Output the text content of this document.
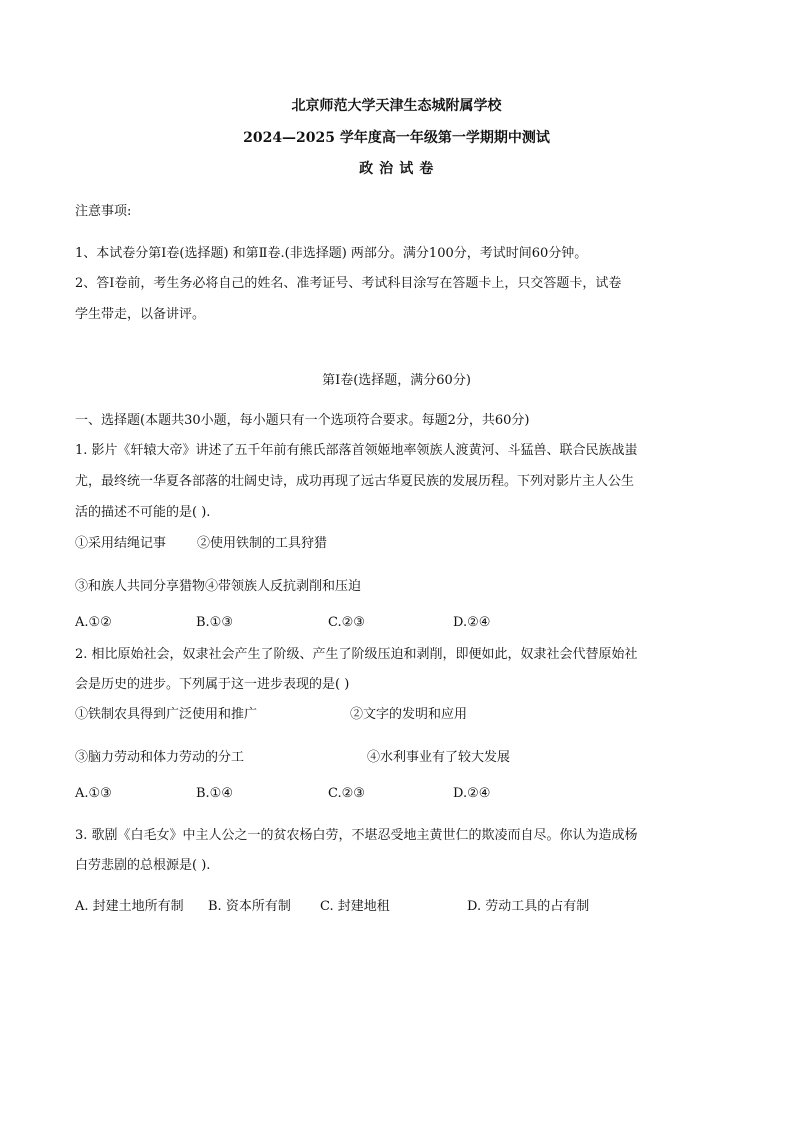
北京师范大学天津生态城附属学校
2024—2025 学年度高一年级第一学期期中测试
政 治 试 卷
注意事项:
1、本试卷分第Ⅰ卷(选择题) 和第Ⅱ卷.(非选择题) 两部分。满分100分，考试时间60分钟。
2、答Ⅰ卷前，考生务必将自己的姓名、准考证号、考试科目涂写在答题卡上，只交答题卡，试卷
学生带走，以备讲评。
第Ⅰ卷(选择题，满分60分)
一、选择题(本题共30小题，每小题只有一个选项符合要求。每题2分，共60分)
1. 影片《轩辕大帝》讲述了五千年前有熊氏部落首领姬地率领族人渡黄河、斗猛兽、联合民族战蚩
尤，最终统一华夏各部落的壮阔史诗，成功再现了远古华夏民族的发展历程。下列对影片主人公生
活的描述不可能的是( ).
①采用结绳记事 ②使用铁制的工具狩猎
③和族人共同分享猎物④带领族人反抗剥削和压迫
A.①②	B.①③	C.②③	D.②④
2. 相比原始社会，奴隶社会产生了阶级、产生了阶级压迫和剥削，即便如此，奴隶社会代替原始社
会是历史的进步。下列属于这一进步表现的是( )
①铁制农具得到广泛使用和推广	②文字的发明和应用
③脑力劳动和体力劳动的分工	④水利事业有了较大发展
A.①③	B.①④	C.②③	D.②④
3. 歌剧《白毛女》中主人公之一的贫农杨白劳，不堪忍受地主黄世仁的欺凌而自尽。你认为造成杨
白劳悲剧的总根源是( ).
A. 封建土地所有制 B. 资本所有制 C. 封建地租	D. 劳动工具的占有制
